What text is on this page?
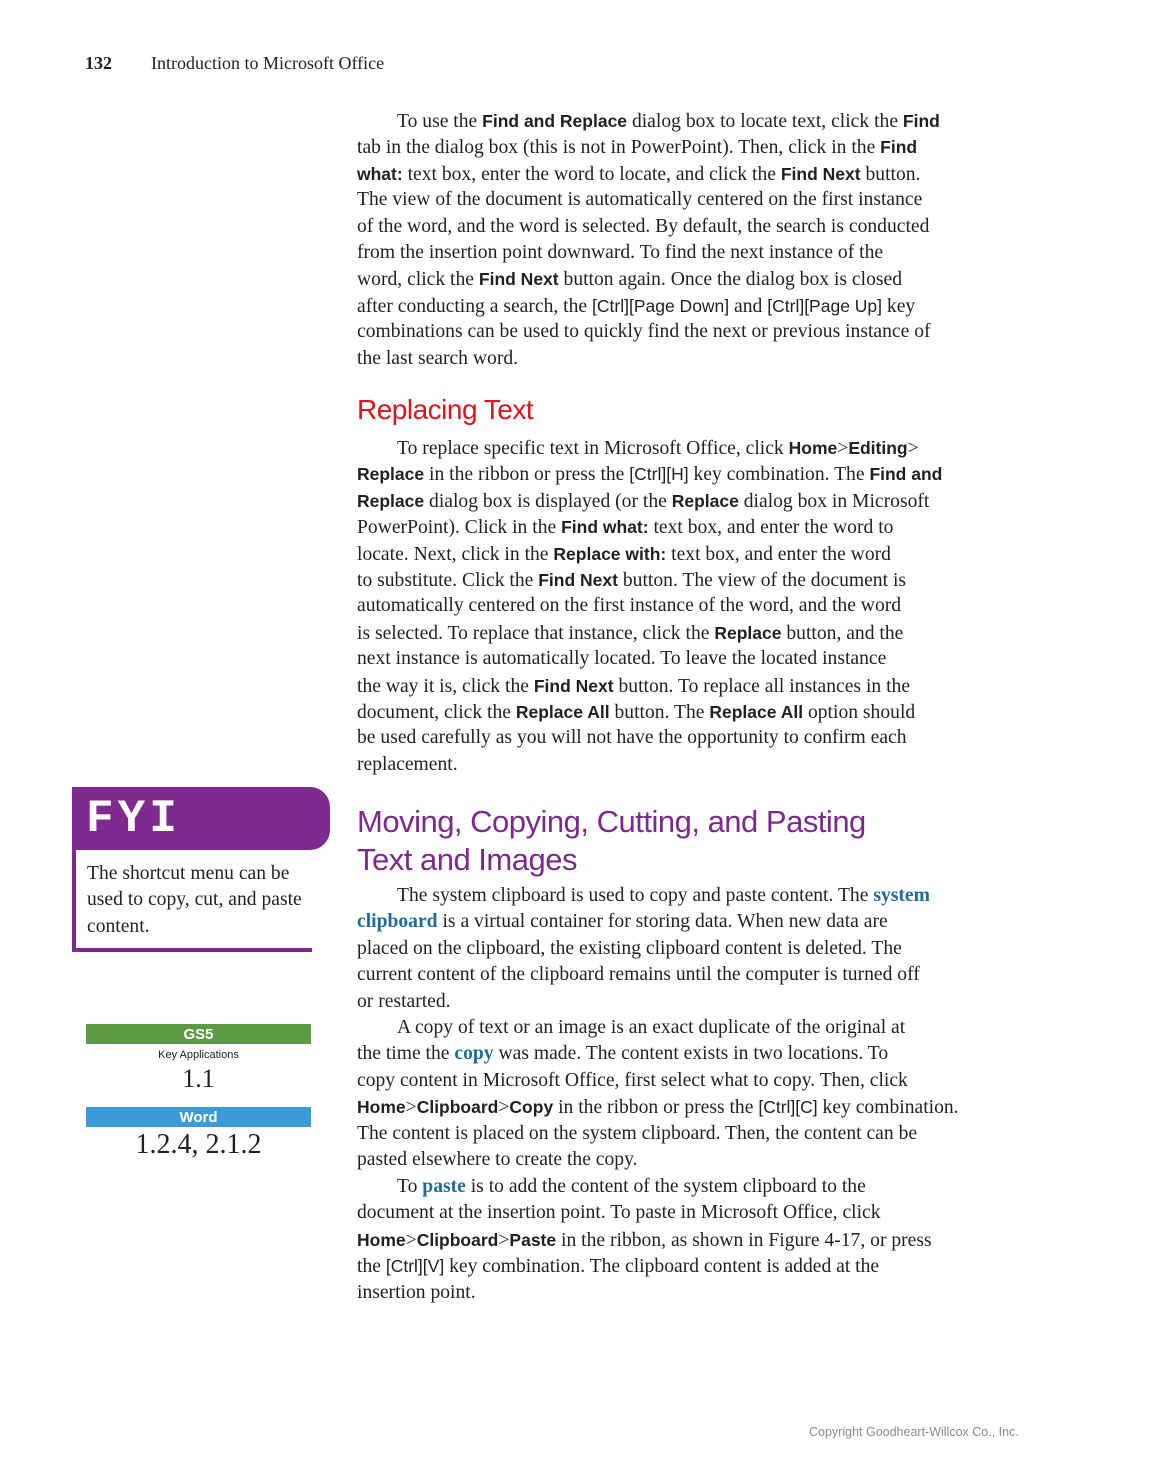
132 Introduction to Microsoft Office
To use the Find and Replace dialog box to locate text, click the Find
tab in the dialog box (this is not in PowerPoint). Then, click in the Find
what: text box, enter the word to locate, and click the Find Next button.
The view of the document is automatically centered on the first instance
of the word, and the word is selected. By default, the search is conducted
from the insertion point downward. To find the next instance of the
word, click the Find Next button again. Once the dialog box is closed
after conducting a search, the [Ctrl][Page Down] and [Ctrl][Page Up] key
combinations can be used to quickly find the next or previous instance of
the last search word.
Replacing Text
To replace specific text in Microsoft Office, click Home>Editing>
Replace in the ribbon or press the [Ctrl][H] key combination. The Find and
Replace dialog box is displayed (or the Replace dialog box in Microsoft
PowerPoint). Click in the Find what: text box, and enter the word to
locate. Next, click in the Replace with: text box, and enter the word
to substitute. Click the Find Next button. The view of the document is
automatically centered on the first instance of the word, and the word
is selected. To replace that instance, click the Replace button, and the
next instance is automatically located. To leave the located instance
the way it is, click the Find Next button. To replace all instances in the
document, click the Replace All button. The Replace All option should
be used carefully as you will not have the opportunity to confirm each
replacement.
Moving, Copying, Cutting, and Pasting
Text and Images
The system clipboard is used to copy and paste content. The system
clipboard is a virtual container for storing data. When new data are
placed on the clipboard, the existing clipboard content is deleted. The
current content of the clipboard remains until the computer is turned off
or restarted.
A copy of text or an image is an exact duplicate of the original at
the time the copy was made. The content exists in two locations. To
copy content in Microsoft Office, first select what to copy. Then, click
Home>Clipboard>Copy in the ribbon or press the [Ctrl][C] key combination.
The content is placed on the system clipboard. Then, the content can be
pasted elsewhere to create the copy.
To paste is to add the content of the system clipboard to the
document at the insertion point. To paste in Microsoft Office, click
Home>Clipboard>Paste in the ribbon, as shown in Figure 4-17, or press
the [Ctrl][V] key combination. The clipboard content is added at the
insertion point.
FYI
The shortcut menu can be used to copy, cut, and paste content.
GS5
Key Applications
1.1
Word
1.2.4, 2.1.2
Copyright Goodheart-Willcox Co., Inc.
